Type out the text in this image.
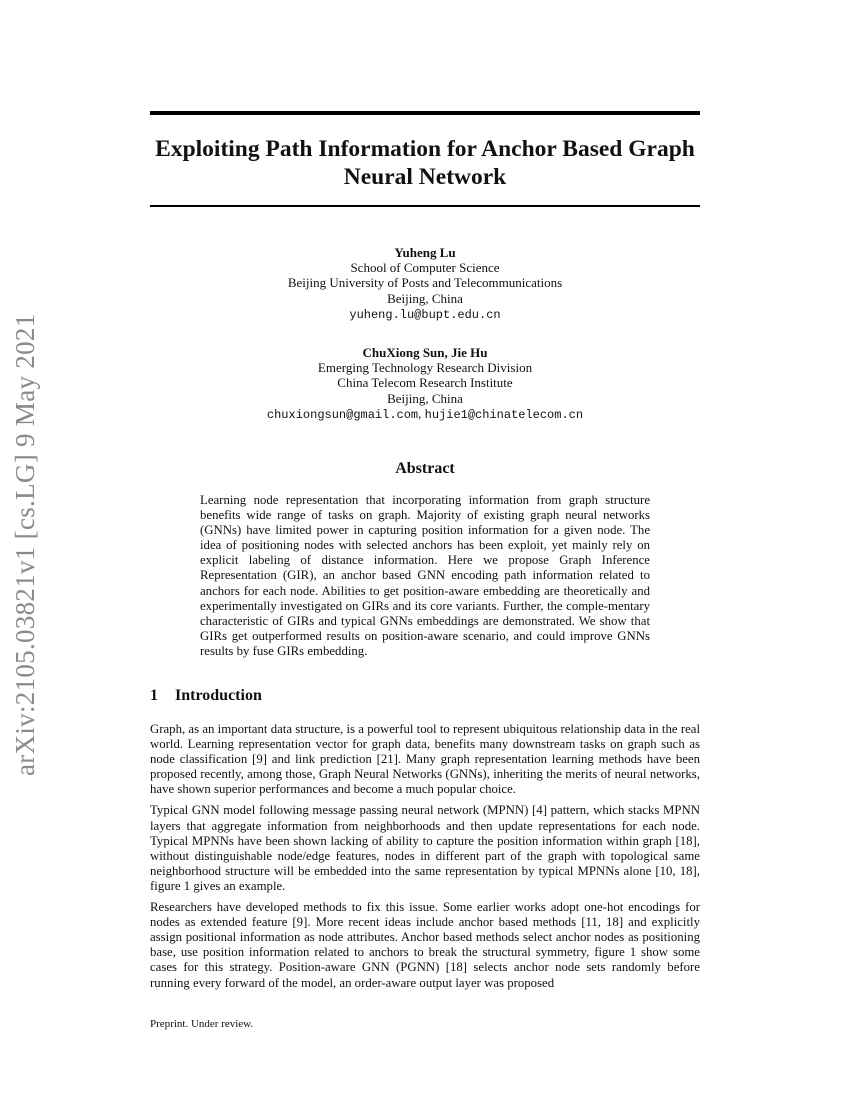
arXiv:2105.03821v1 [cs.LG] 9 May 2021
Exploiting Path Information for Anchor Based Graph
Neural Network
Yuheng Lu
School of Computer Science
Beijing University of Posts and Telecommunications
Beijing, China
yuheng.lu@bupt.edu.cn
ChuXiong Sun, Jie Hu
Emerging Technology Research Division
China Telecom Research Institute
Beijing, China
chuxiongsun@gmail.com, hujie1@chinatelecom.cn
Abstract

Learning node representation that incorporating information from graph structure benefits wide range of tasks on graph. Majority of existing graph neural networks (GNNs) have limited power in capturing position information for a given node. The idea of positioning nodes with selected anchors has been exploit, yet mainly rely on explicit labeling of distance information. Here we propose Graph Inference Representation (GIR), an anchor based GNN encoding path information related to anchors for each node. Abilities to get position-aware embedding are theoretically and experimentally investigated on GIRs and its core variants. Further, the comple-mentary characteristic of GIRs and typical GNNs embeddings are demonstrated. We show that GIRs get outperformed results on position-aware scenario, and could improve GNNs results by fuse GIRs embedding.

1 Introduction

Graph, as an important data structure, is a powerful tool to represent ubiquitous relationship data in the real world. Learning representation vector for graph data, benefits many downstream tasks on graph such as node classification [9] and link prediction [21]. Many graph representation learning methods have been proposed recently, among those, Graph Neural Networks (GNNs), inheriting the merits of neural networks, have shown superior performances and become a much popular choice.

Typical GNN model following message passing neural network (MPNN) [4] pattern, which stacks MPNN layers that aggregate information from neighborhoods and then update representations for each node. Typical MPNNs have been shown lacking of ability to capture the position information within graph [18], without distinguishable node/edge features, nodes in different part of the graph with topological same neighborhood structure will be embedded into the same representation by typical MPNNs alone [10, 18], figure 1 gives an example.

Researchers have developed methods to fix this issue. Some earlier works adopt one-hot encodings for nodes as extended feature [9]. More recent ideas include anchor based methods [11, 18] and explicitly assign positional information as node attributes. Anchor based methods select anchor nodes as positioning base, use position information related to anchors to break the structural symmetry, figure 1 show some cases for this strategy. Position-aware GNN (PGNN) [18] selects anchor node sets randomly before running every forward of the model, an order-aware output layer was proposed

Preprint. Under review.
